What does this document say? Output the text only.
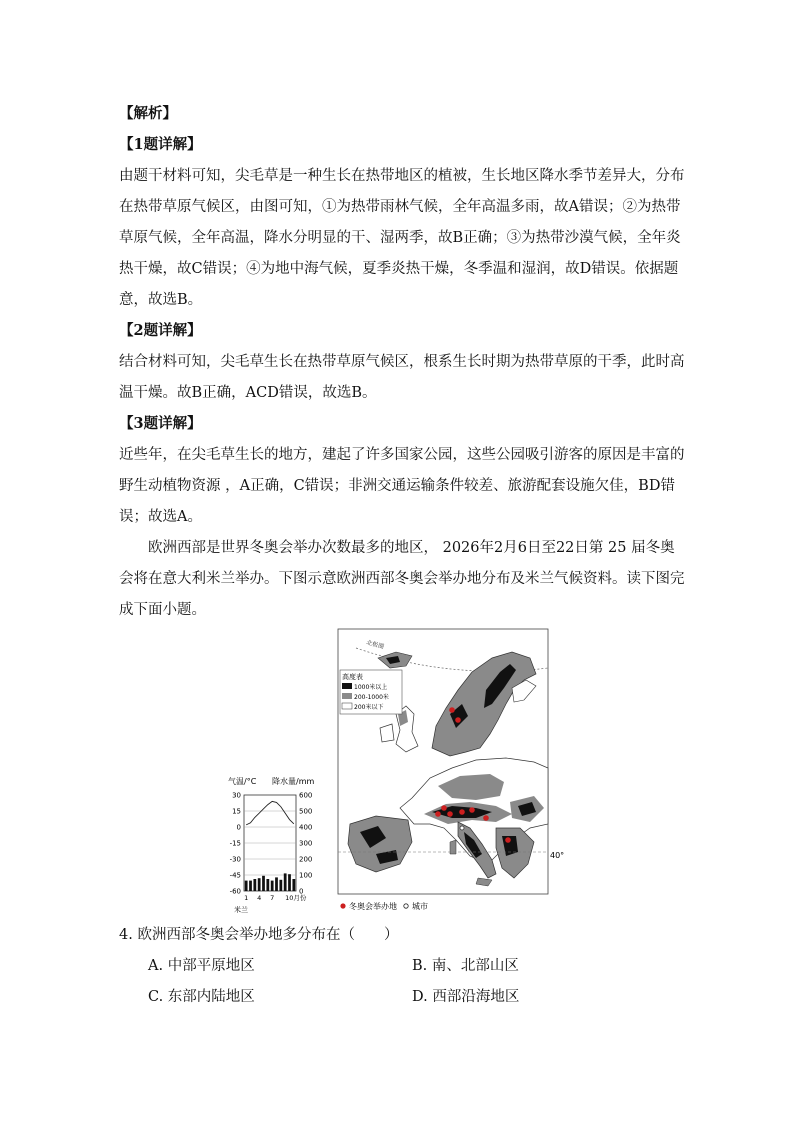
【解析】
【1题详解】
由题干材料可知，尖毛草是一种生长在热带地区的植被，生长地区降水季节差异大，分布
在热带草原气候区，由图可知，①为热带雨林气候，全年高温多雨，故A错误；②为热带
草原气候，全年高温，降水分明显的干、湿两季，故B正确；③为热带沙漠气候，全年炎
热干燥，故C错误；④为地中海气候，夏季炎热干燥，冬季温和湿润，故D错误。依据题
意，故选B。
【2题详解】
结合材料可知，尖毛草生长在热带草原气候区，根系生长时期为热带草原的干季，此时高
温干燥。故B正确，ACD错误，故选B。
【3题详解】
近些年，在尖毛草生长的地方，建起了许多国家公园，这些公园吸引游客的原因是丰富的
野生动植物资源 ，A正确，C错误；非洲交通运输条件较差、旅游配套设施欠佳，BD错
误；故选A。
欧洲西部是世界冬奥会举办次数最多的地区， 2026年2月6日至22日第 25 届冬奥
会将在意大利米兰举办。下图示意欧洲西部冬奥会举办地分布及米兰气候资料。读下图完
成下面小题。
气温/°C 降水量/mm
30
15
0
-15
-30
-45
-60
600
500
400
300
200
100
0
1 4 7 10月份
米兰
北极圈
高度表
1000米以上
200-1000米
200米以下
40°
冬奥会举办地 城市
4. 欧洲西部冬奥会举办地多分布在（　　）
A. 中部平原地区	B. 南、北部山区
C. 东部内陆地区	D. 西部沿海地区
